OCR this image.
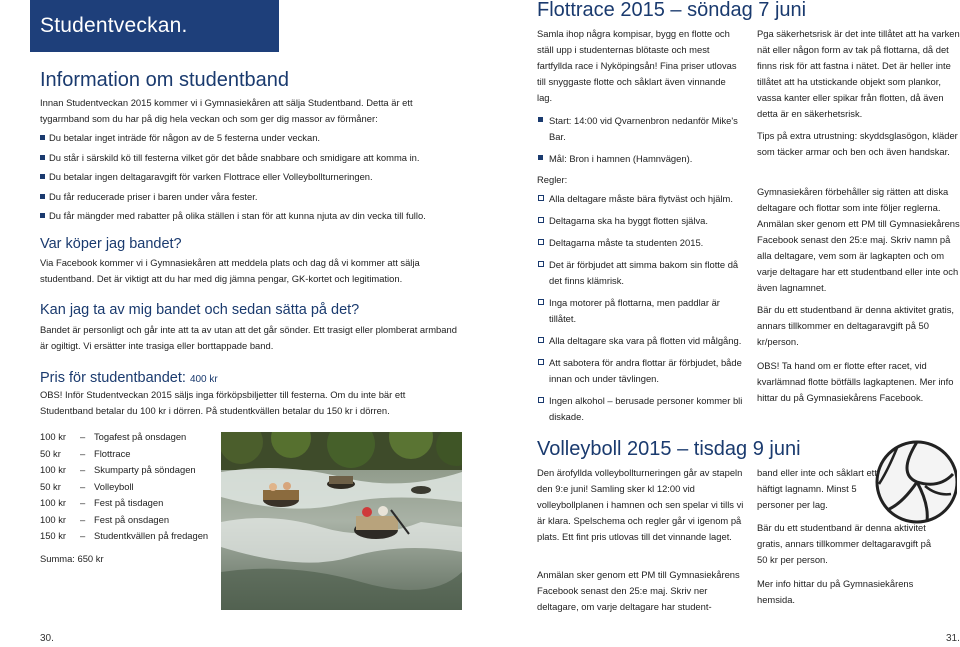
Studentveckan.
Information om studentband
Innan Studentveckan 2015 kommer vi i Gymnasiekåren att sälja Studentband. Detta är ett tygarmband som du har på dig hela veckan och som ger dig massor av förmåner:
Du betalar inget inträde för någon av de 5 festerna under veckan.
Du står i särskild kö till festerna vilket gör det både snabbare och smidigare att komma in.
Du betalar ingen deltagaravgift för varken Flottrace eller Volleybollturneringen.
Du får reducerade priser i baren under våra fester.
Du får mängder med rabatter på olika ställen i stan för att kunna njuta av din vecka till fullo.
Var köper jag bandet?
Via Facebook kommer vi i Gymnasiekåren att meddela plats och dag då vi kommer att sälja studentband. Det är viktigt att du har med dig jämna pengar, GK-kortet och legitimation.
Kan jag ta av mig bandet och sedan sätta på det?
Bandet är personligt och går inte att ta av utan att det går sönder. Ett trasigt eller plomberat armband är ogiltigt. Vi ersätter inte trasiga eller borttappade band.
Pris för studentbandet: 400 kr
OBS! Inför Studentveckan 2015 säljs inga förköpsbiljetter till festerna. Om du inte bär ett Studentband betalar du 100 kr i dörren. På studentkvällen betalar du 150 kr i dörren.
100 kr – Togafest på onsdagen
50 kr – Flottrace
100 kr – Skumparty på söndagen
50 kr – Volleyboll
100 kr – Fest på tisdagen
100 kr – Fest på onsdagen
150 kr – Studentkvällen på fredagen
Summa: 650 kr
30.
Flottrace 2015 – söndag 7 juni
Samla ihop några kompisar, bygg en flotte och ställ upp i studenternas blötaste och mest fartfyllda race i Nyköpingsån! Fina priser utlovas till snyggaste flotte och såklart även vinnande lag.
Start: 14:00 vid Qvarnenbron nedanför Mike's Bar.
Mål: Bron i hamnen (Hamnvägen).
Regler:
Alla deltagare måste bära flytväst och hjälm.
Deltagarna ska ha byggt flotten själva.
Deltagarna måste ta studenten 2015.
Det är förbjudet att simma bakom sin flotte då det finns klämrisk.
Inga motorer på flottarna, men paddlar är tillåtet.
Alla deltagare ska vara på flotten vid målgång.
Att sabotera för andra flottar är förbjudet, både innan och under tävlingen.
Ingen alkohol – berusade personer kommer bli diskade.
Pga säkerhetsrisk är det inte tillåtet att ha varken nät eller någon form av tak på flottarna, då det finns risk för att fastna i nätet. Det är heller inte tillåtet att ha utstickande objekt som plankor, vassa kanter eller spikar från flotten, då även detta är en säkerhetsrisk.
Tips på extra utrustning: skyddsglasögon, kläder som täcker armar och ben och även handskar.
Gymnasiekåren förbehåller sig rätten att diska deltagare och flottar som inte följer reglerna. Anmälan sker genom ett PM till Gymnasiekårens Facebook senast den 25:e maj. Skriv namn på alla deltagare, vem som är lagkapten och om varje deltagare har ett studentband eller inte och även lagnamnet.
Bär du ett studentband är denna aktivitet gratis, annars tillkommer en deltagaravgift på 50 kr/person.
OBS! Ta hand om er flotte efter racet, vid kvarlämnad flotte bötfälls lagkaptenen. Mer info hittar du på Gymnasiekårens Facebook.
Volleyboll 2015 – tisdag 9 juni
Den ärofyllda volleybollturneringen går av stapeln den 9:e juni! Samling sker kl 12:00 vid volleybollplanen i hamnen och sen spelar vi tills vi är klara. Spelschema och regler går vi igenom på plats. Ett fint pris utlovas till det vinnande laget.
Anmälan sker genom ett PM till Gymnasiekårens Facebook senast den 25:e maj. Skriv ner deltagare, om varje deltagare har student-
band eller inte och såklart ett häftigt lagnamn. Minst 5 personer per lag.
Bär du ett studentband är denna aktivitet gratis, annars tillkommer deltagaravgift på 50 kr per person.
Mer info hittar du på Gymnasiekårens hemsida.
31.
